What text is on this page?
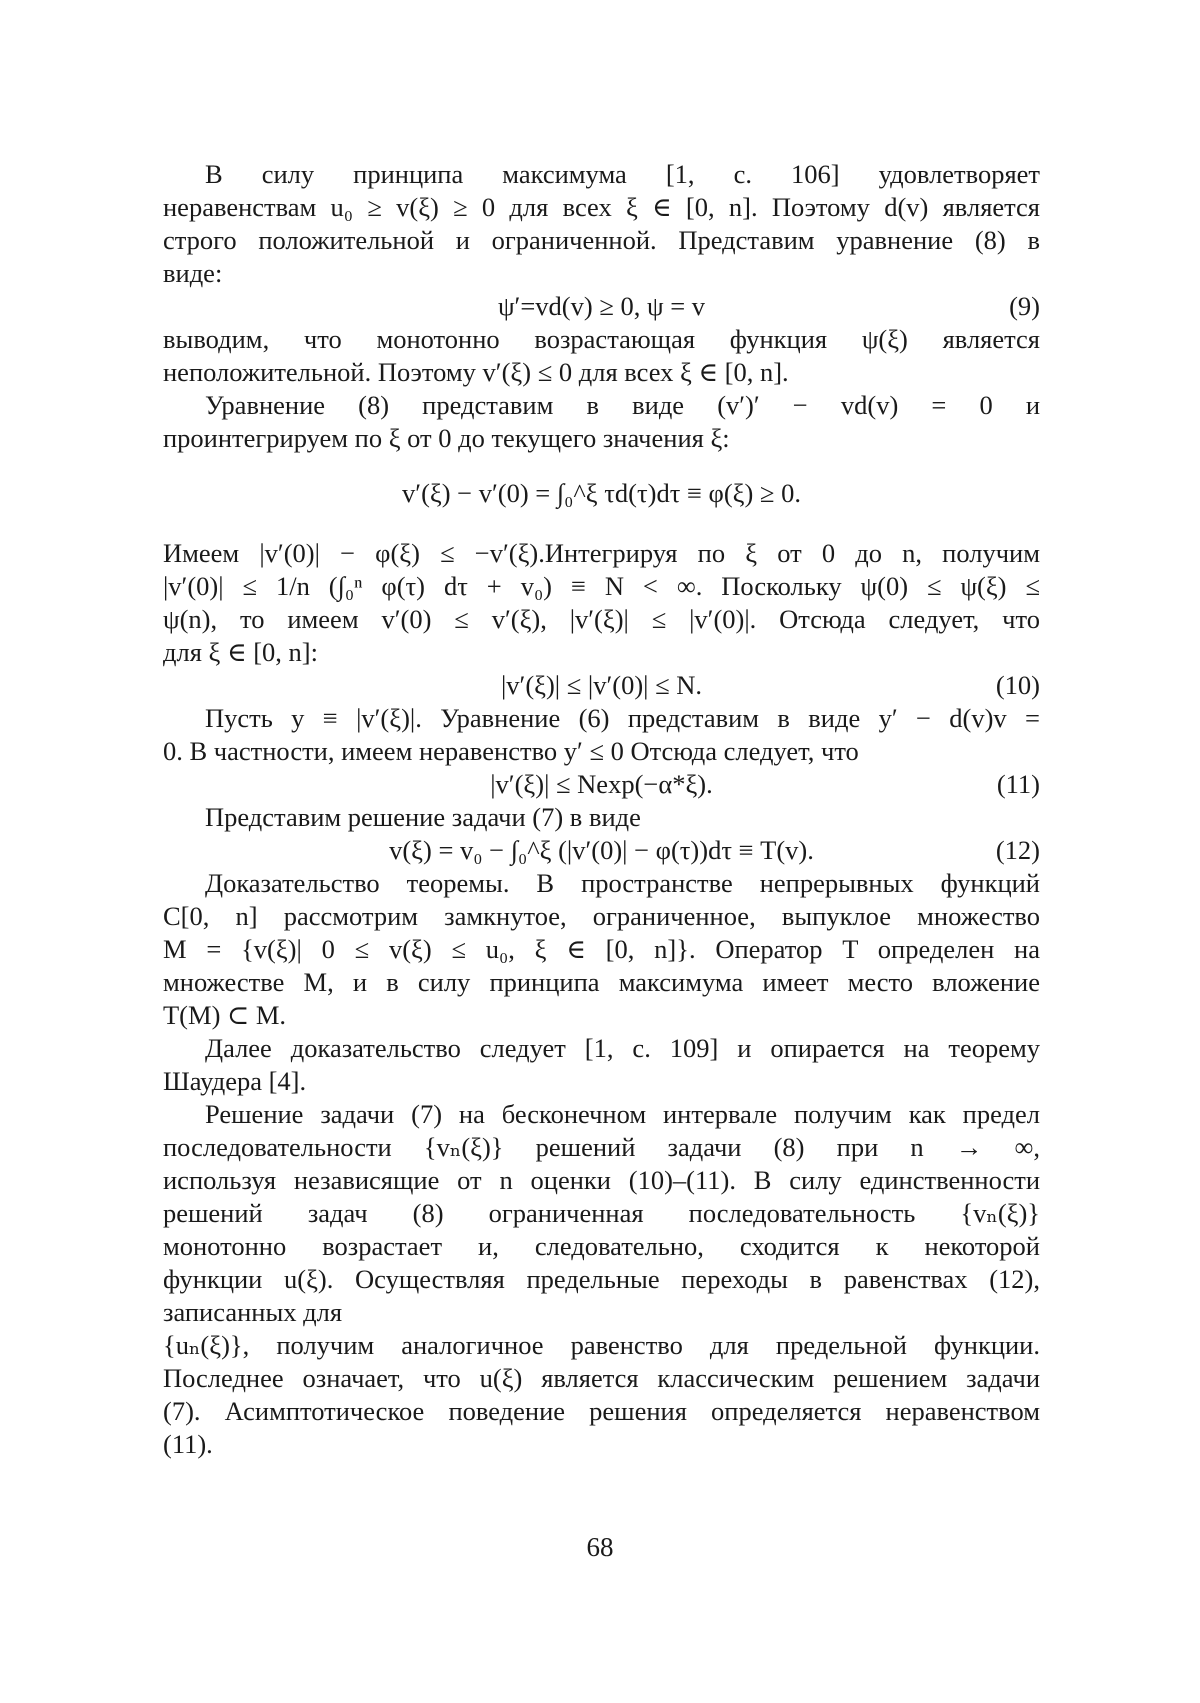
В силу принципа максимума [1, с. 106] удовлетворяет

неравенствам u₀ ≥ v(ξ) ≥ 0 для всех ξ ∈ [0, n]. Поэтому d(v) является

строго положительной и ограниченной. Представим уравнение (8) в

виде:

ψ′=vd(v) ≥ 0, ψ = v	(9)

выводим, что монотонно возрастающая функция ψ(ξ) является

неположительной. Поэтому v′(ξ) ≤ 0 для всех ξ ∈ [0, n].

Уравнение (8) представим в виде (v′)′ − vd(v) = 0 и

проинтегрируем по ξ от 0 до текущего значения ξ:

v′(ξ) − v′(0) = ∫₀^ξ τd(τ)dτ ≡ φ(ξ) ≥ 0.

Имеем |v′(0)| − φ(ξ) ≤ −v′(ξ).Интегрируя по ξ от 0 до n, получим

|v′(0)| ≤ 1/n (∫₀ⁿ φ(τ) dτ + v₀) ≡ N < ∞. Поскольку ψ(0) ≤ ψ(ξ) ≤

ψ(n), то имеем v′(0) ≤ v′(ξ), |v′(ξ)| ≤ |v′(0)|. Отсюда следует, что

для ξ ∈ [0, n]:

|v′(ξ)| ≤ |v′(0)| ≤ N.	(10)

Пусть y ≡ |v′(ξ)|. Уравнение (6) представим в виде y′ − d(v)v =

0. В частности, имеем неравенство y′ ≤ 0 Отсюда следует, что

|v′(ξ)| ≤ Nexp(−α*ξ).	(11)

Представим решение задачи (7) в виде

v(ξ) = v₀ − ∫₀^ξ (|v′(0)| − φ(τ))dτ ≡ T(v).	(12)

Доказательство теоремы. В пространстве непрерывных функций

C[0, n] рассмотрим замкнутое, ограниченное, выпуклое множество

M = {v(ξ)| 0 ≤ v(ξ) ≤ u₀, ξ ∈ [0, n]}. Оператор T определен на

множестве M, и в силу принципа максимума имеет место вложение

T(M) ⊂ M.

Далее доказательство следует [1, с. 109] и опирается на теорему

Шаудера [4].

Решение задачи (7) на бесконечном интервале получим как предел

последовательности {vₙ(ξ)} решений задачи (8) при n → ∞,

используя независящие от n оценки (10)–(11). В силу единственности

решений задач (8) ограниченная последовательность {vₙ(ξ)}

монотонно возрастает и, следовательно, сходится к некоторой

функции u(ξ). Осуществляя предельные переходы в равенствах (12),

записанных для

{uₙ(ξ)}, получим аналогичное равенство для предельной функции.

Последнее означает, что u(ξ) является классическим решением задачи

(7). Асимптотическое поведение решения определяется неравенством

(11).

68
